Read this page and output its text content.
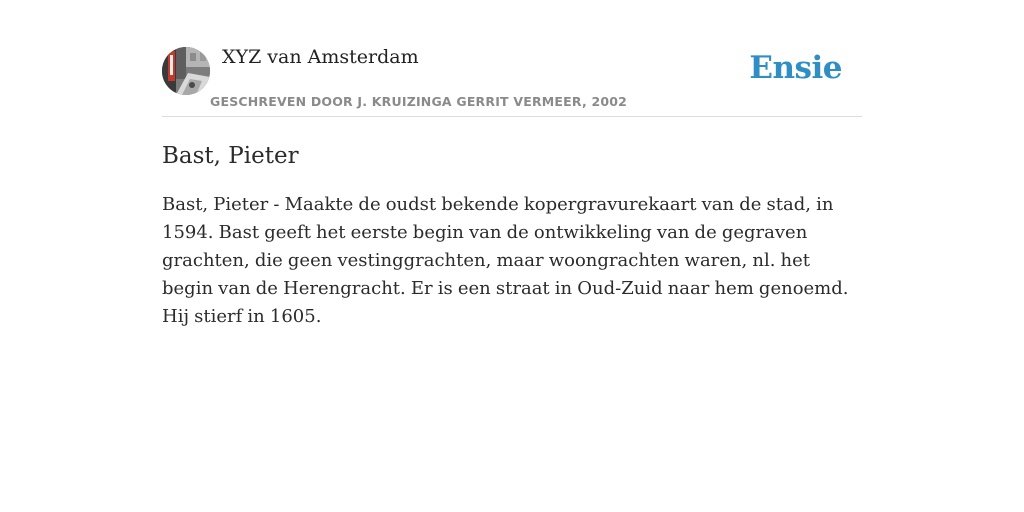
XYZ van Amsterdam
GESCHREVEN DOOR J. KRUIZINGA GERRIT VERMEER, 2002
Ensie
Bast, Pieter

Bast, Pieter - Maakte de oudst bekende kopergravurekaart van de stad, in 1594. Bast geeft het eerste begin van de ontwikkeling van de gegraven grachten, die geen vestinggrachten, maar woongrachten waren, nl. het begin van de Herengracht. Er is een straat in Oud-Zuid naar hem genoemd. Hij stierf in 1605.
